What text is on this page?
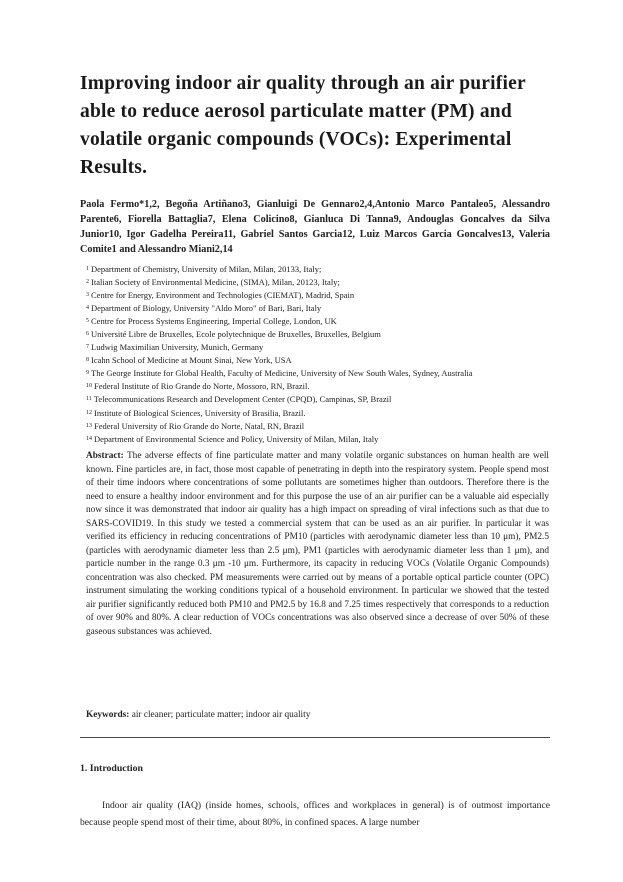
Improving indoor air quality through an air purifier able to reduce aerosol particulate matter (PM) and volatile organic compounds (VOCs): Experimental Results.
Paola Fermo*1,2, Begoña Artiñano3, Gianluigi De Gennaro2,4,Antonio Marco Pantaleo5, Alessandro Parente6, Fiorella Battaglia7, Elena Colicino8, Gianluca Di Tanna9, Andouglas Goncalves da Silva Junior10, Igor Gadelha Pereira11, Gabriel Santos Garcia12, Luiz Marcos Garcia Goncalves13, Valeria Comite1 and Alessandro Miani2,14
$^1$ Department of Chemistry, University of Milan, Milan, 20133, Italy;
$^2$ Italian Society of Environmental Medicine, (SIMA), Milan, 20123, Italy;
$^3$ Centre for Energy, Environment and Technologies (CIEMAT), Madrid, Spain
$^4$ Department of Biology, University "Aldo Moro" of Bari, Bari, Italy
$^5$ Centre for Process Systems Engineering, Imperial College, London, UK
$^6$ Université Libre de Bruxelles, Ecole polytechnique de Bruxelles, Bruxelles, Belgium
$^7$ Ludwig Maximilian University, Munich, Germany
$^8$ Icahn School of Medicine at Mount Sinai, New York, USA
$^9$ The George Institute for Global Health, Faculty of Medicine, University of New South Wales, Sydney, Australia
$^{10}$ Federal Institute of Rio Grande do Norte, Mossoro, RN, Brazil.
$^{11}$ Telecommunications Research and Development Center (CPQD), Campinas, SP, Brazil
$^{12}$ Institute of Biological Sciences, University of Brasilia, Brazil.
$^{13}$ Federal University of Rio Grande do Norte, Natal, RN, Brazil
$^{14}$ Department of Environmental Science and Policy, University of Milan, Milan, Italy

Abstract: The adverse effects of fine particulate matter and many volatile organic substances on human health are well known. Fine particles are, in fact, those most capable of penetrating in depth into the respiratory system. People spend most of their time indoors where concentrations of some pollutants are sometimes higher than outdoors. Therefore there is the need to ensure a healthy indoor environment and for this purpose the use of an air purifier can be a valuable aid especially now since it was demonstrated that indoor air quality has a high impact on spreading of viral infections such as that due to SARS-COVID19. In this study we tested a commercial system that can be used as an air purifier. In particular it was verified its efficiency in reducing concentrations of PM10 (particles with aerodynamic diameter less than 10 μm), PM2.5 (particles with aerodynamic diameter less than 2.5 μm), PM1 (particles with aerodynamic diameter less than 1 μm), and particle number in the range 0.3 μm -10 μm. Furthermore, its capacity in reducing VOCs (Volatile Organic Compounds) concentration was also checked. PM measurements were carried out by means of a portable optical particle counter (OPC) instrument simulating the working conditions typical of a household environment. In particular we showed that the tested air purifier significantly reduced both PM10 and PM2.5 by 16.8 and 7.25 times respectively that corresponds to a reduction of over 90% and 80%. A clear reduction of VOCs concentrations was also observed since a decrease of over 50% of these gaseous substances was achieved.

Keywords: air cleaner; particulate matter; indoor air quality

1. Introduction

Indoor air quality (IAQ) (inside homes, schools, offices and workplaces in general) is of outmost importance because people spend most of their time, about 80%, in confined spaces. A large number
